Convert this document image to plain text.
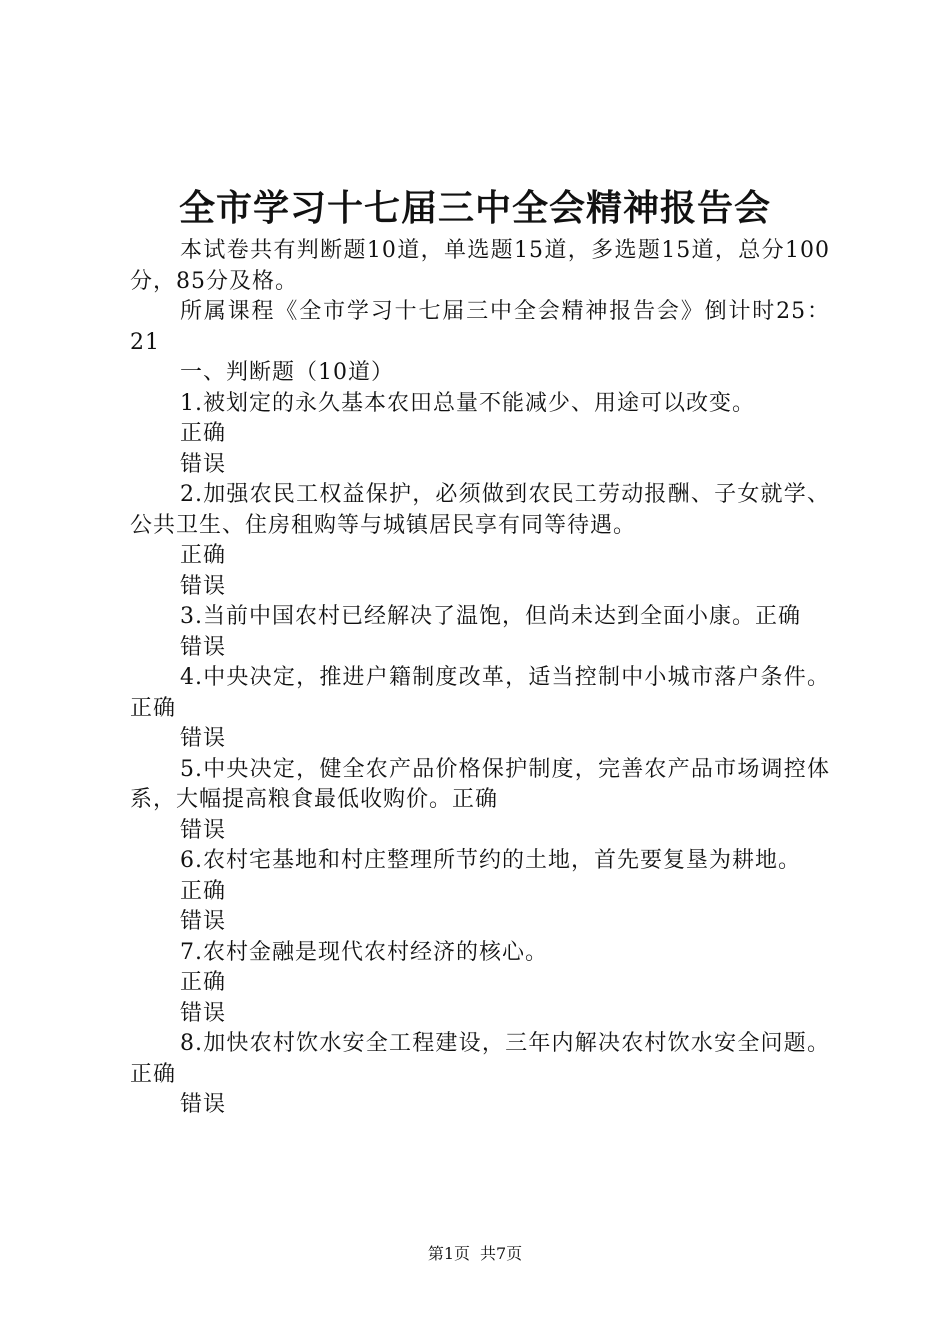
全市学习十七届三中全会精神报告会

本试卷共有判断题10道，单选题15道，多选题15道，总分100分，85分及格。

所属课程《全市学习十七届三中全会精神报告会》倒计时25：21

一、判断题（10道）

1.被划定的永久基本农田总量不能减少、用途可以改变。

正确

错误

2.加强农民工权益保护，必须做到农民工劳动报酬、子女就学、公共卫生、住房租购等与城镇居民享有同等待遇。

正确

错误

3.当前中国农村已经解决了温饱，但尚未达到全面小康。正确

错误

4.中央决定，推进户籍制度改革，适当控制中小城市落户条件。正确

错误

5.中央决定，健全农产品价格保护制度，完善农产品市场调控体系，大幅提高粮食最低收购价。正确

错误

6.农村宅基地和村庄整理所节约的土地，首先要复垦为耕地。

正确

错误

7.农村金融是现代农村经济的核心。

正确

错误

8.加快农村饮水安全工程建设，三年内解决农村饮水安全问题。正确

错误

第1页 共7页
